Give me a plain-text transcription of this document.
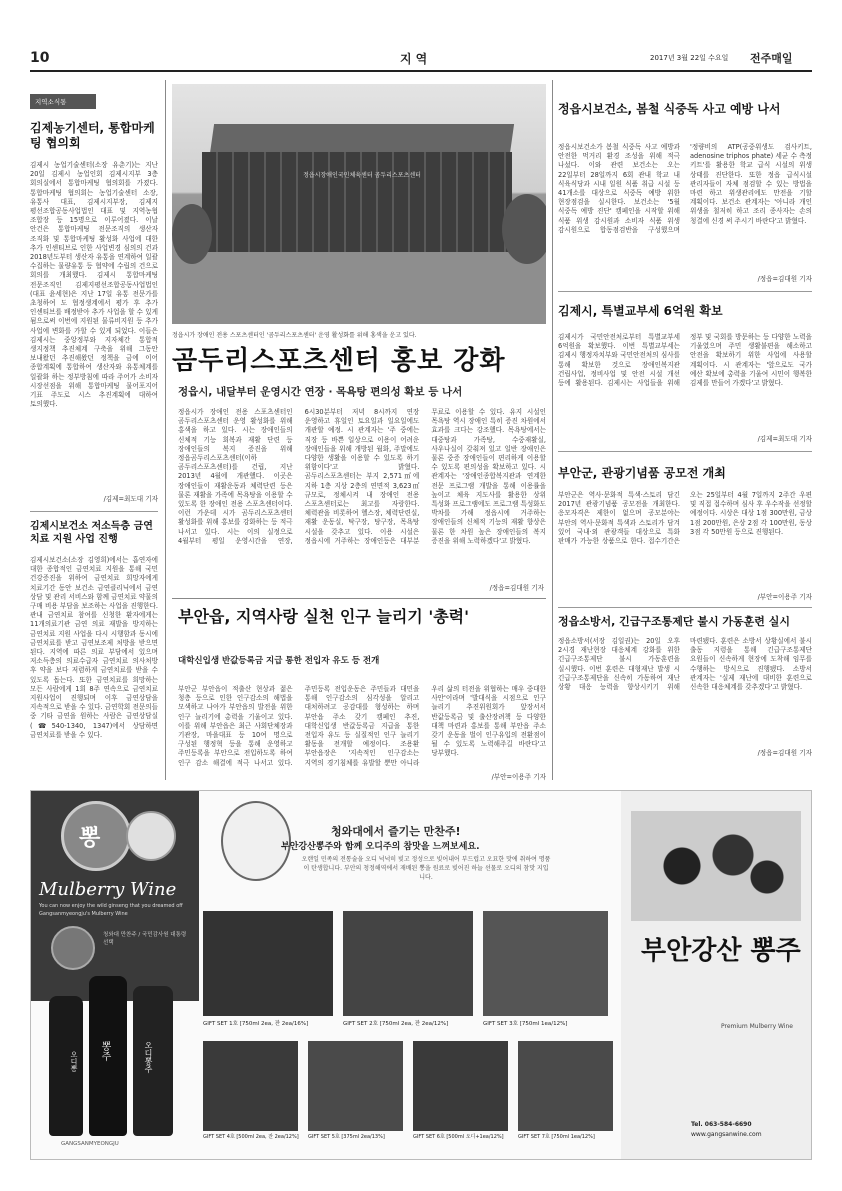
10	지역	2017년 3월 22일 수요일 전주매일
지역소식통
김제농기센터, 통합마케팅 협의회
김제시 농업기술센터(소장 유춘기)는 지난 20일 김제시 농업인회 김제시지부 3층 회의실에서 통합마케팅 협의회를 가졌다. 통합마케팅 협의회는 농업기술센터 소장, 유통사 대표, 김제시지부장, 김제지 평선조합공동사업법인 대표 및 지역농협 조합장 등 15명으로 이루어졌다. 이날 안건은 통합마케팅 전문조직의 생산자 조직화 및 통합마케팅 활성화 사업에 대한 추가 인센티브로 인한 사업변경 심의의 건과 2018년도부터 생산자 유통을 연계하여 일괄 수집하는 물량유통 등 협약에 수립의 건으로 회의를 개최했다. 김제시 통합마케팅 전문조직인 김제지평선조합공동사업법인(대표 윤세현)은 지난 17일 유통 전문가를 초청하여 도 협정생계에서 평가 후 추가 인센티브를 배정받아 추가 사업을 할 수 있게 됨으로써 이번에 지원된 물류비지원 등 추가 사업에 변화를 가할 수 있게 되었다. 이들은 김제시는 중앙정부와 지자체간 통합적 생지정책 추진체계 구축을 위해 그동안 보내왔던 추진해왔던 정책을 금에 이어 종합계획에 통합하여 생산자와 유통체계를 일괄화 하는 정부방침에 따라 주어가 소비자 시장선점을 위해 통합마케팅 물어포지어 기표 주도로 시스 추진계획에 대하여 토의했다.
/김제=최도대 기자
김제시보건소 저소득층 금연치료 지원 사업 진행
김제시보건소(소장 김영희)에서는 흡연자에 대한 종합적인 금연치료 지원을 통해 국민 건강증진을 위하여 금연치료 희망자에게 치료기간 동안 보건소 금연클리닉에서 금연 상담 및 관리 서비스와 함께 금연치료 약물의 구매 비용 부담을 보조하는 사업을 진행한다. 관내 금연치료 참여를 신청한 환자에게는 11개의료기관 금연 의료 재발을 방지하는 금연치료 지원 사업을 다시 시행함과 동시에 금연치료를 받고 금연보조제 처방을 받으면 된다. 지역에 따른 의료 부담에서 있으며 저소득층의 의료수급자 금연치료 의사처방 후 약을 보다 저렴하게 금연치료를 받을 수 있도록 돕는다. 또한 금연치료를 희망하는 모든 사람에게 1회 8주 연속으로 금연치료 지원사업이 진행되며 이후 금연상담을 지속적으로 받을 수 있다. 금연학회 전문의들 중 기타 금연을 원하는 사람은 금연상담실(☎540-1340, 1347)에서 상담하면 금연치료를 받을 수 있다.
정읍시장애인국민체육센터 곰두리스포츠센터
정읍시가 장애인 전용 스포츠센터인 '곰두리스포츠센터' 운영 활성화를 위해 홍색을 운고 있다.
곰두리스포츠센터 홍보 강화
정읍시, 내달부터 운영시간 연장 · 목욕탕 편의성 확보 등 나서
정읍시가 장애인 전용 스포츠센터인 곰두리스포츠센터 운영 활성화를 위해 홍색을 하고 있다. 시는 장애인들의 신체적 기능 회복과 재활 단련 등 장애인들의 복지 증진을 위해 정읍곰두리스포츠센터(이하 곰두리스포츠센터)를 건립, 지난 2013년 4월에 개관했다. 이곳은 장애인들이 재활운동과 체력단련 등은 물론 재활을 가족에 목욕탕을 이용할 수 있도록 한 장애인 전용 스포츠센터이다. 이런 가운데 시가 곰두리스포츠센터 활성화를 위해 홍보를 강화하는 등 적극 나서고 있다. 시는 이의 실정으로 4월부터 평일 운영시간을 연장, 6시30분부터 저녁 8시까지 연장 운영하고 휴일인 토요일과 일요일에도 개관할 예정. 시 관계자는 '주 중에는 직장 등 바쁜 일상으로 이용이 어려운 장애인들을 위해 개방된 월화, 주말에도 다양한 생활을 이용할 수 있도록 하기 위함이다'고 밝혔다. 곰두리스포츠센터는 부지 2,571㎡에 지하 1층 지상 2층의 연면적 3,623㎡규모로, 정체시켜 내 장애인 전용 스포츠센터로는 최고를 자랑한다. 체력관을 비롯하여 헬스장, 체력단련실, 재활 운동실, 탁구장, 탕구장, 목욕탕 시설을 갖추고 있다. 이용 시설은 정읍시에 거주하는 장애인등은 대부분 무료로 이용할 수 있다. 유지 시설인 목욕탕 역시 장애인 특히 증진 차원에서 효과를 크다는 강조했다. 목욕탕에서는 대중탕과 가족탕, 수중재활실, 사우나실이 갖춰져 있고 일반 장애인은 물론 중증 장애인들이 편리하게 이용할 수 있도록 편의성을 확보하고 있다. 시 관계자는 '장애인종합복지관과 연계한 전문 프로그램 개발을 통해 이용률을 높이고 체육 지도사를 활용한 상위 특성화 프로그램에도 프로그램 특성화도 박차를 가해 정읍시에 거주하는 장애인들의 신체적 기능의 재활 향상은 물론 한 차원 높은 장애인들의 복지 증진을 위해 노력하겠다'고 밝혔다.
/정읍=김대원 기자
부안읍, 지역사랑 실천 인구 늘리기 '총력'
대학신입생 반값등록금 지급 통한 전입자 유도 등 전개
부안군 부안읍이 적출산 현상과 젊은 청층 등으로 인한 인구감소의 해법을 모색하고 나아가 부안읍의 발전을 위한 인구 늘리기에 총력을 기울이고 있다. 이를 위해 부안읍은 최근 사회단체장과 기관장, 마을대표 등 10여 명으로 구성된 행정혁 등을 통해 운영하고 주민등록을 부안으로 전입하도록 하여 인구 감소 해결에 적극 나서고 있다. 주민등록 전입운동은 주민들과 대민을 통해 인구감소의 심각성을 알리고 대처하려고 공감대를 형성하는 하며 부안읍 주소 갖기 캠페인 추진, 대학신입생 반값등록금 지급을 통한 전입자 유도 등 실질적인 인구 늘리기 활동을 전개할 예정이다. 조용환 부안읍장은 '지속적인 인구감소는 지역의 경기침체를 유발할 뿐만 아니라 우리 삶의 터전을 위협하는 매우 중대한 사안'이라며 '발대식을 시점으로 인구 늘리기 추진위원회가 앞장서서 반값등록금 및 출산장려책 등 다양한 대책 마련과 홍보를 통해 부안읍 주소 갖기 운동을 벌이 인구유입의 전환점이 될 수 있도록 노력해주길 바란다'고 당부했다.
/부안=이용주 기자
정읍시보건소, 봄철 식중독 사고 예방 나서
정읍시보건소가 봄철 식중독 사고 예방과 안전한 먹거리 환경 조성을 위해 적극 나섰다. 이와 관련 보건소는 오는 22일부터 28일까지 6회 관내 학교 내 식육식당과 시내 일원 식품 취급 시설 등 41개소를 대상으로 식중독 예방 위한 현장점검을 실시한다. 보건소는 '5월 식중독 예방 진단' 캠페인을 시작할 위해 식품 위생 감시원과 소비자 식품 위생 감시원으로 합동점검반을 구성했으며 '정량비의 ATP(공중위생도 검사키트, adenosine triphos phate) 세균 수 측정 키트'를 활용한 학교 급식 시설의 위생 상태를 진단한다. 또한 정읍 급식시설 관리자들이 자체 점검할 수 있는 방법을 마련 하고 위생관리에도 만전을 기할 계획이다. 보건소 관계자는 '아니라 개인 위생을 철저히 하고 조리 종사자는 손의 청결에 신경 써 주시기 바란다'고 밝혔다.
/정읍=김대원 기자
김제시, 특별교부세 6억원 확보
김제시가 국민안전처로부터 특별교부세 6억원을 확보했다. 이번 특별교부세는 김제시 행정자치부와 국민안전처의 심사를 통해 확보한 것으로 장애인복지관 건립사업, 정비사업 및 안전 시설 개선 등에 활용된다. 김제시는 사업들을 위해 정부 및 국회를 방문하는 등 다양한 노력을 기울였으며 주민 생활불편을 해소하고 안전을 확보하기 위한 사업에 사용할 계획이다. 시 관계자는 '앞으로도 국가 예산 확보에 총력을 기울여 시민이 행복한 김제를 만들어 가겠다'고 밝혔다.
/김제=최도대 기자
부안군, 관광기념품 공모전 개최
부안군은 역사·문화적 특색·스토리 담긴 2017년 관광기념품 공모전을 개최한다. 응모자격은 제한이 없으며 공모분야는 부안의 역사·문화적 특색과 스토리가 담겨 있어 국내·외 관광객들 대상으로 특화 판매가 가능한 상품으로 한다. 접수기간은 오는 25일부터 4월 7일까지 2주간 우편 및 직접 접수하며 심사 후 우수작을 선정할 예정이다. 시상은 대상 1점 300만원, 금상 1점 200만원, 은상 2점 각 100만원, 동상 3점 각 50만원 등으로 진행된다.
/부안=이용주 기자
정읍소방서, 긴급구조통제단 불시 가동훈련 실시
정읍소방서(서장 김일권)는 20일 오후 2시경 재난현장 대응체계 강화를 위한 긴급구조통제단 불시 가동훈련을 실시했다. 이번 훈련은 대형재난 발생 시 긴급구조통제단을 신속히 가동하여 재난 상황 대응 능력을 향상시키기 위해 마련됐다. 훈련은 소방서 상황실에서 불시 출동 지령을 통해 긴급구조통제단 요원들이 신속하게 현장에 도착해 임무를 수행하는 방식으로 진행됐다. 소방서 관계자는 '실제 재난에 대비한 훈련으로 신속한 대응체계를 갖추겠다'고 밝혔다.
/정읍=김대원 기자
뽕
Mulberry Wine
You can now enjoy the wild ginseng that you dreamed off
Gangsanmyeongju's Mulberry Wine
청와대 만찬주 / 국민감사원 대통령 선택
오디뽕 뽕주	오디뽕주
GANGSANMYEONGJU
청와대에서 즐기는 만찬주!
부안강산뽕주와 함께 오디주의 참맛을 느껴보세요.
오랜일 민족의 전통술을 오디 넉넉히 빚고 정성으로 빚어내어 부드럽고 오묘한 맛에 취하여 명품이 탄생합니다. 부안의 청정해역에서 재배된 뽕을 원료로 빚어진 하늘 선물로 오디의 참맛 지입니다.
GIFT SET 1호 [750ml 2ea, 잔 2ea/16%]	GIFT SET 2호 [750ml 2ea, 잔 2ea/12%]	GIFT SET 3호 [750ml 1ea/12%]
GIFT SET 4호 [500ml 2ea, 잔 2ea/12%]	GIFT SET 5호 [375ml 2ea/13%]	GIFT SET 6호 [500ml 오디+1ea/12%]	GIFT SET 7호 [750ml 1ea/12%]
부안강산 뽕주
Premium Mulberry Wine
Tel. 063-584-6690
www.gangsanwine.com
